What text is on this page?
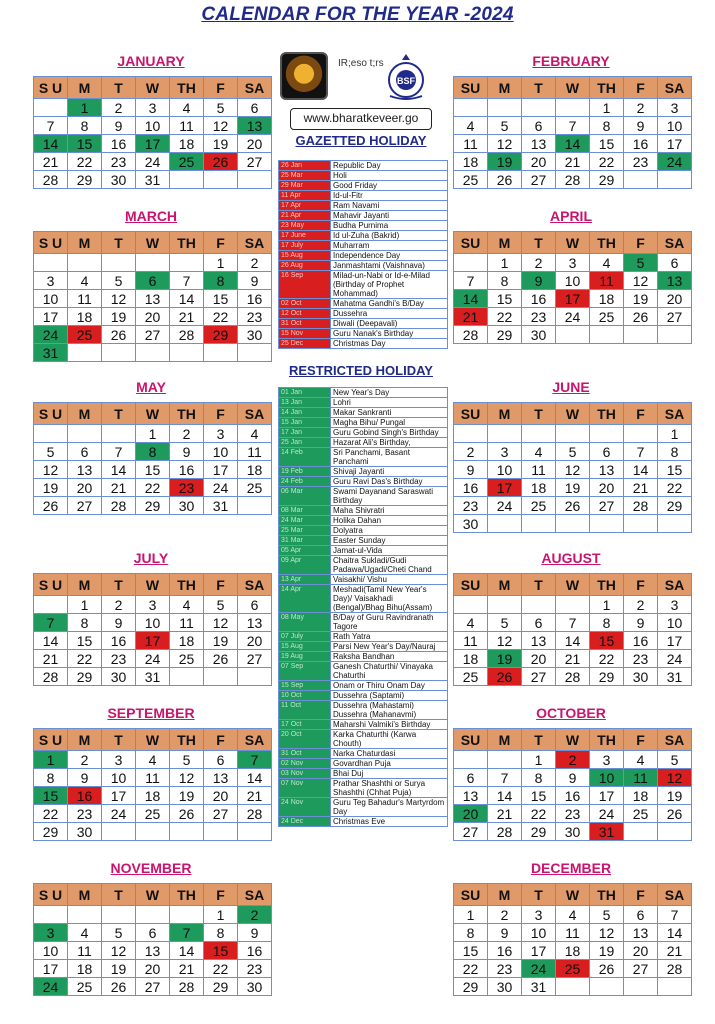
CALENDAR FOR THE YEAR -2024
IR;eso t;rs
BSF
www.bharatkeveer.go
GAZETTED HOLIDAY
26 Jan	Republic Day
25 Mar	Holi
29 Mar	Good Friday
11 Apr	Id-ul-Fitr
17 Apr	Ram Navami
21 Apr	Mahavir Jayanti
23 May	Budha Purnima
17 June	Id ul-Zuha (Bakrid)
17 July	Muharram
15 Aug	Independence Day
26 Aug	Janmashtami (Vaishnava)
16 Sep	Milad-un-Nabi or Id-e-Milad (Birthday of Prophet Mohammad)
02 Oct	Mahatma Gandhi's B/Day
12 Oct	Dussehra
31 Oct	Diwali (Deepavali)
15 Nov	Guru Nanak's Birthday
25 Dec	Christmas Day
RESTRICTED HOLIDAY
01 Jan	New Year's Day
13 Jan	Lohri
14 Jan	Makar Sankranti
15 Jan	Magha Bihu/ Pungal
17 Jan	Guru Gobind Singh's Birthday
25 Jan	Hazarat Ali's Birthday,
14 Feb	Sri Panchami, Basant Panchami
19 Feb	Shivaji Jayanti
24 Feb	Guru Ravi Das's Birthday
06 Mar	Swami Dayanand Saraswati Birthday
08 Mar	Maha Shivratri
24 Mar	Holika Dahan
25 Mar	Dolyatra
31 Mar	Easter Sunday
05 Apr	Jamat-ul-Vida
09 Apr	Chaitra Sukladi/Gudi Padawa/Ugadi/Cheti Chand
13 Apr	Vaisakhi/ Vishu
14 Apr	Meshadi(Tamil New Year's Day)/ Vaisakhadi (Bengal)/Bhag Bihu(Assam)
08 May	B/Day of Guru Ravindranath Tagore
07 July	Rath Yatra
15 Aug	Parsi New Year's Day/Nauraj
19 Aug	Raksha Bandhan
07 Sep	Ganesh Chaturthi/ Vinayaka Chaturthi
15 Sep	Onam or Thiru Onam Day
10 Oct	Dussehra (Saptami)
11 Oct	Dussehra (Mahastami) Dussehra (Mahanavmi)
17 Oct	Maharshi Valmiki's Birthday
20 Oct	Karka Chaturthi (Karwa Chouth)
31 Oct	Narka Chaturdasi
02 Nov	Govardhan Puja
03 Nov	Bhai Duj
07 Nov	Prathar Shashthi or Surya Shashthi (Chhat Puja)
24 Nov	Guru Teg Bahadur's Martyrdom Day
24 Dec	Christmas Eve
JANUARY
S U	M	T	W	TH	F	SA
	1	2	3	4	5	6
7	8	9	10	11	12	13
14	15	16	17	18	19	20
21	22	23	24	25	26	27
28	29	30	31			
FEBRUARY
SU	M	T	W	TH	F	SA
				1	2	3
4	5	6	7	8	9	10
11	12	13	14	15	16	17
18	19	20	21	22	23	24
25	26	27	28	29		
MARCH
S U	M	T	W	TH	F	SA
					1	2
3	4	5	6	7	8	9
10	11	12	13	14	15	16
17	18	19	20	21	22	23
24	25	26	27	28	29	30
31						
APRIL
SU	M	T	W	TH	F	SA
	1	2	3	4	5	6
7	8	9	10	11	12	13
14	15	16	17	18	19	20
21	22	23	24	25	26	27
28	29	30				
MAY
S U	M	T	W	TH	F	SA
			1	2	3	4
5	6	7	8	9	10	11
12	13	14	15	16	17	18
19	20	21	22	23	24	25
26	27	28	29	30	31	
JUNE
SU	M	T	W	TH	F	SA
						1
2	3	4	5	6	7	8
9	10	11	12	13	14	15
16	17	18	19	20	21	22
23	24	25	26	27	28	29
30						
JULY
S U	M	T	W	TH	F	SA
	1	2	3	4	5	6
7	8	9	10	11	12	13
14	15	16	17	18	19	20
21	22	23	24	25	26	27
28	29	30	31			
AUGUST
SU	M	T	W	TH	F	SA
				1	2	3
4	5	6	7	8	9	10
11	12	13	14	15	16	17
18	19	20	21	22	23	24
25	26	27	28	29	30	31
SEPTEMBER
S U	M	T	W	TH	F	SA
1	2	3	4	5	6	7
8	9	10	11	12	13	14
15	16	17	18	19	20	21
22	23	24	25	26	27	28
29	30					
OCTOBER
SU	M	T	W	TH	F	SA
		1	2	3	4	5
6	7	8	9	10	11	12
13	14	15	16	17	18	19
20	21	22	23	24	25	26
27	28	29	30	31		
NOVEMBER
S U	M	T	W	TH	F	SA
					1	2
3	4	5	6	7	8	9
10	11	12	13	14	15	16
17	18	19	20	21	22	23
24	25	26	27	28	29	30
DECEMBER
SU	M	T	W	TH	F	SA
1	2	3	4	5	6	7
8	9	10	11	12	13	14
15	16	17	18	19	20	21
22	23	24	25	26	27	28
29	30	31				
